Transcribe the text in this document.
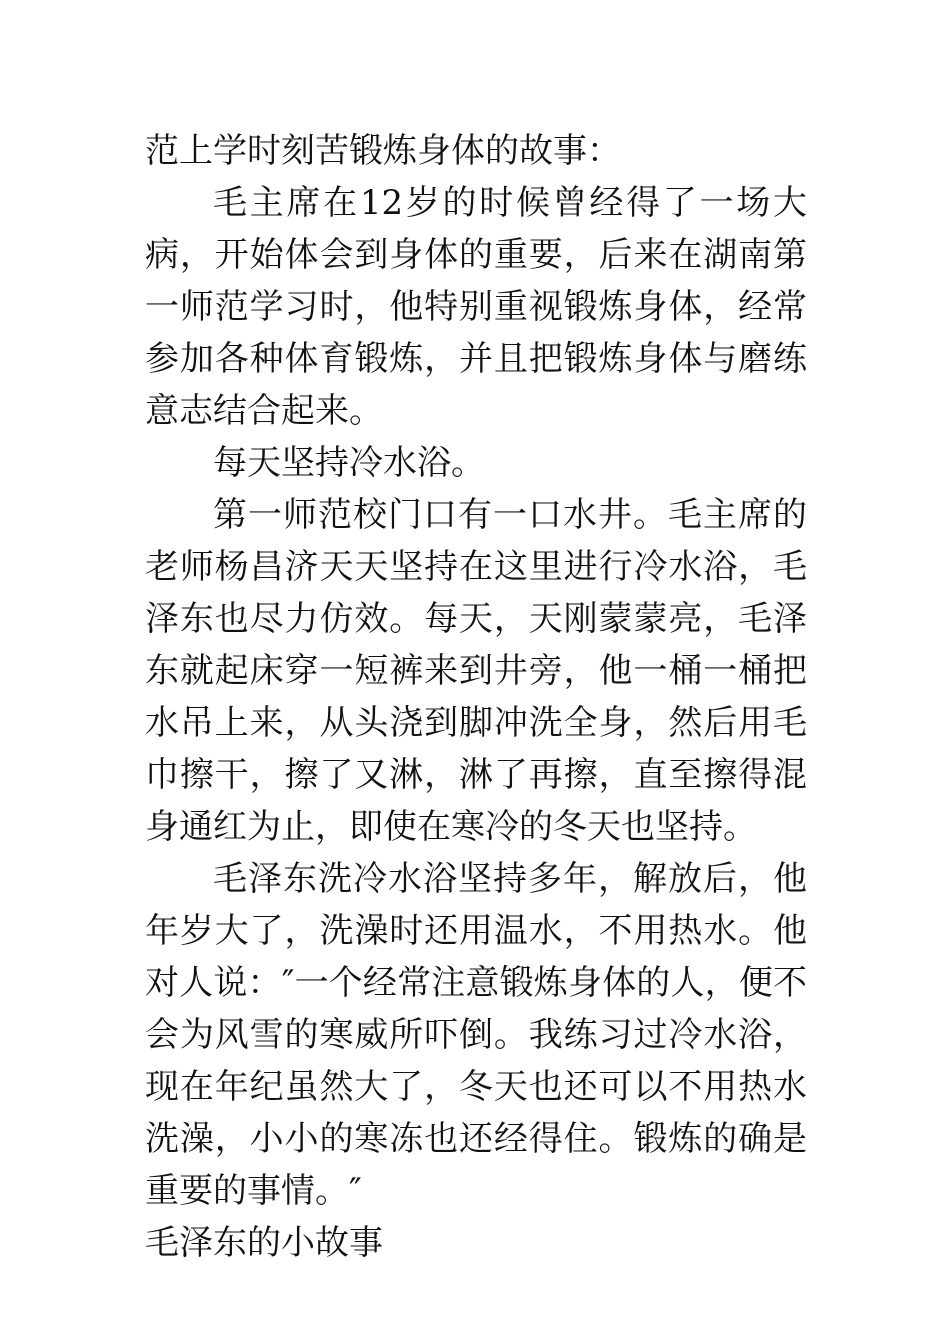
范上学时刻苦锻炼身体的故事：

毛主席在12岁的时候曾经得了一场大病，开始体会到身体的重要，后来在湖南第一师范学习时，他特别重视锻炼身体，经常参加各种体育锻炼，并且把锻炼身体与磨练意志结合起来。

每天坚持冷水浴。

第一师范校门口有一口水井。毛主席的老师杨昌济天天坚持在这里进行冷水浴，毛泽东也尽力仿效。每天，天刚蒙蒙亮，毛泽东就起床穿一短裤来到井旁，他一桶一桶把水吊上来，从头浇到脚冲洗全身，然后用毛巾擦干，擦了又淋，淋了再擦，直至擦得混身通红为止，即使在寒冷的冬天也坚持。

毛泽东洗冷水浴坚持多年，解放后，他年岁大了，洗澡时还用温水，不用热水。他对人说：″一个经常注意锻炼身体的人，便不会为风雪的寒威所吓倒。我练习过冷水浴，现在年纪虽然大了，冬天也还可以不用热水洗澡，小小的寒冻也还经得住。锻炼的确是重要的事情。″

毛泽东的小故事
